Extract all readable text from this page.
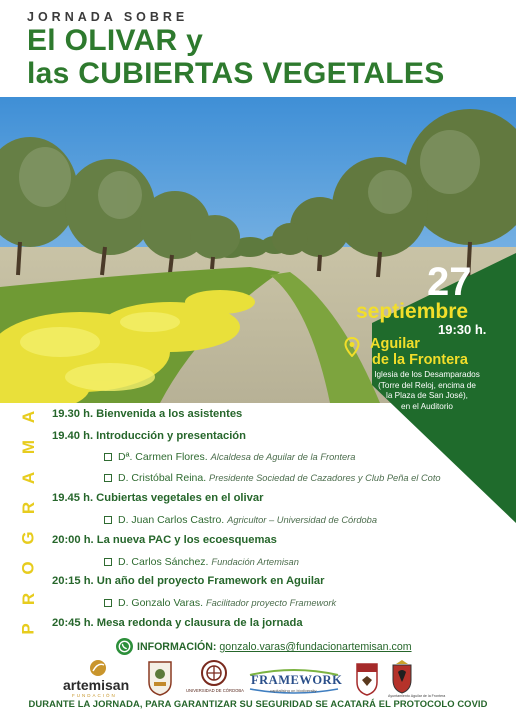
JORNADA SOBRE
El OLIVAR y
las CUBIERTAS VEGETALES
27
septiembre
19:30 h.
Aguilar
de la Frontera
Iglesia de los Desamparados
(Torre del Reloj, encima de
la Plaza de San José),
en el Auditorio
A
M
A
R
G
O
R
P
19.30 h. Bienvenida a los asistentes
19.40 h. Introducción y presentación
Dª. Carmen Flores. Alcaldesa de Aguilar de la Frontera
D. Cristóbal Reina. Presidente Sociedad de Cazadores y Club Peña el Coto
19.45 h. Cubiertas vegetales en el olivar
D. Juan Carlos Castro. Agricultor – Universidad de Córdoba
20:00 h. La nueva PAC y los ecoesquemas
D. Carlos Sánchez. Fundación Artemisan
20:15 h. Un año del proyecto Framework en Aguilar
D. Gonzalo Varas. Facilitador proyecto Framework
20:45 h. Mesa redonda y clausura de la jornada
INFORMACIÓN: gonzalo.varas@fundacionartemisan.com
artemisan
FUNDACIÓN
UNIVERSIDAD DE CÓRDOBA
FRAMEWORK
capitalising on biodiversity
Ayuntamiento Aguilar de la Frontera
DURANTE LA JORNADA, PARA GARANTIZAR SU SEGURIDAD SE ACATARÁ EL PROTOCOLO COVID
